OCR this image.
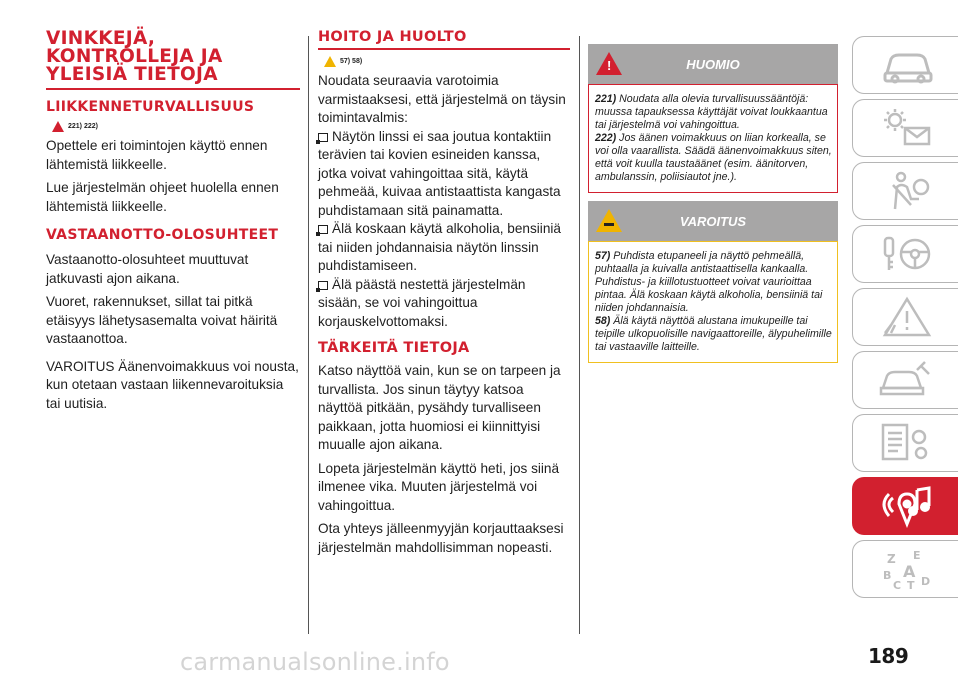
VINKKEJÄ, KONTROLLEJA JA YLEISIÄ TIETOJA
LIIKKENNETURVALLISUUS
221) 222)

Opettele eri toimintojen käyttö ennen lähtemistä liikkeelle.

Lue järjestelmän ohjeet huolella ennen lähtemistä liikkeelle.

VASTAANOTTO-OLOSUHTEET

Vastaanotto-olosuhteet muuttuvat jatkuvasti ajon aikana.

Vuoret, rakennukset, sillat tai pitkä etäisyys lähetysasemalta voivat häiritä vastaanottoa.

VAROITUS Äänenvoimakkuus voi nousta, kun otetaan vastaan liikennevaroituksia tai uutisia.

HOITO JA HUOLTO
57) 58)

Noudata seuraavia varotoimia varmistaaksesi, että järjestelmä on täysin toimintavalmis:

Näytön linssi ei saa joutua kontaktiin terävien tai kovien esineiden kanssa, jotka voivat vahingoittaa sitä, käytä pehmeää, kuivaa antistaattista kangasta puhdistamaan sitä painamatta.

Älä koskaan käytä alkoholia, bensiiniä tai niiden johdannaisia näytön linssin puhdistamiseen.

Älä päästä nestettä järjestelmän sisään, se voi vahingoittua korjauskelvottomaksi.

TÄRKEITÄ TIETOJA

Katso näyttöä vain, kun se on tarpeen ja turvallista. Jos sinun täytyy katsoa näyttöä pitkään, pysähdy turvalliseen paikkaan, jotta huomiosi ei kiinnittyisi muualle ajon aikana.

Lopeta järjestelmän käyttö heti, jos siinä ilmenee vika. Muuten järjestelmä voi vahingoittua.

Ota yhteys jälleenmyyjän korjauttaaksesi järjestelmän mahdollisimman nopeasti.

!	HUOMIO
221) Noudata alla olevia turvallisuussääntöjä: muussa tapauksessa käyttäjät voivat loukkaantua tai järjestelmä voi vahingoittua.
222) Jos äänen voimakkuus on liian korkealla, se voi olla vaarallista. Säädä äänenvoimakkuus siten, että voit kuulla taustaäänet (esim. äänitorven, ambulanssin, poliisiautot jne.).
▬	VAROITUS
57) Puhdista etupaneeli ja näyttö pehmeällä, puhtaalla ja kuivalla antistaattisella kankaalla. Puhdistus- ja kiillotustuotteet voivat vaurioittaa pintaa. Älä koskaan käytä alkoholia, bensiiniä tai niiden johdannaisia.
58) Älä käytä näyttöä alustana imukupeille tai teipille ulkopuolisille navigaattoreille, älypuhelimille tai vastaaville laitteille.
Z E
B A
C T D
189
carmanualsonline.info
